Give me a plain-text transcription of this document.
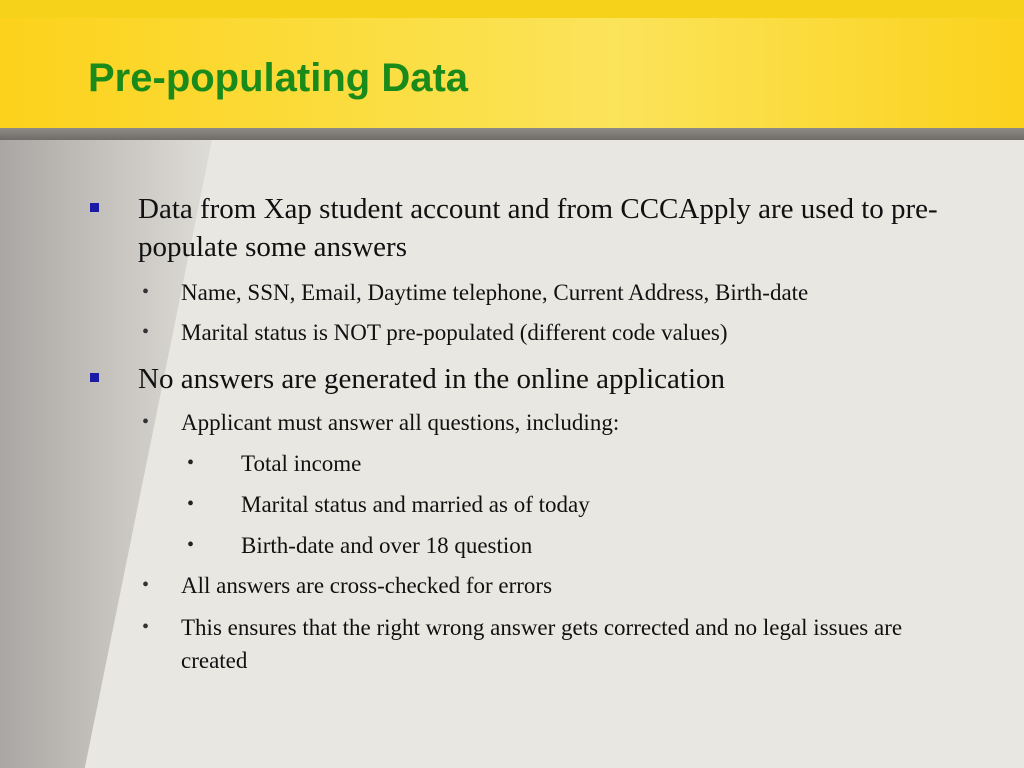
Pre-populating Data
Data from Xap student account and from CCCApply are used to pre-populate some answers
• Name, SSN, Email, Daytime telephone, Current Address, Birth-date
• Marital status is NOT pre-populated (different code values)
No answers are generated in the online application
• Applicant must answer all questions, including:
• Total income
• Marital status and married as of today
• Birth-date and over 18 question
• All answers are cross-checked for errors
• This ensures that the right wrong answer gets corrected and no legal issues are created
